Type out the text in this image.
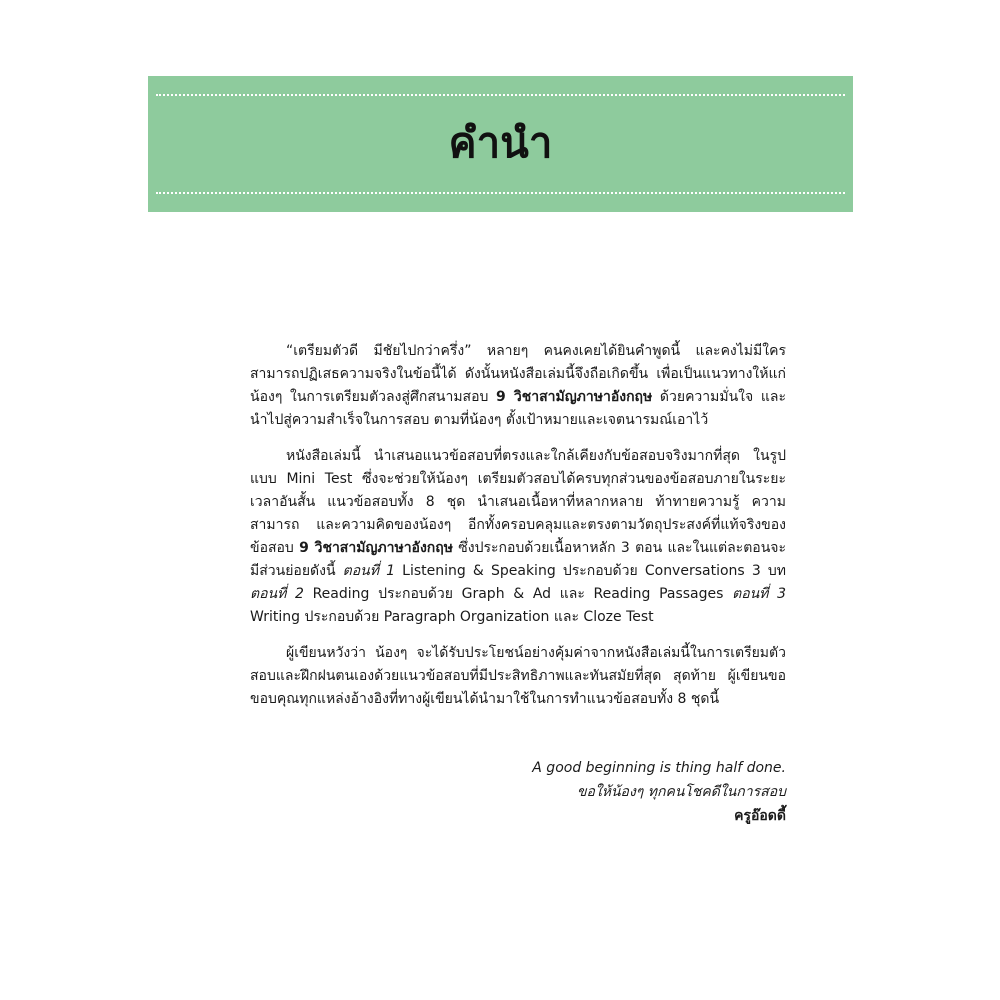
คำนำ

“เตรียมตัวดี มีชัยไปกว่าครึ่ง” หลายๆ คนคงเคยได้ยินคำพูดนี้ และคงไม่มีใครสามารถปฏิเสธความจริงในข้อนี้ได้ ดังนั้นหนังสือเล่มนี้จึงถือเกิดขึ้น เพื่อเป็นแนวทางให้แก่น้องๆ ในการเตรียมตัวลงสู่ศึกสนามสอบ 9 วิชาสามัญภาษาอังกฤษ ด้วยความมั่นใจ และนำไปสู่ความสำเร็จในการสอบ ตามที่น้องๆ ตั้งเป้าหมายและเจตนารมณ์เอาไว้

หนังสือเล่มนี้ นำเสนอแนวข้อสอบที่ตรงและใกล้เคียงกับข้อสอบจริงมากที่สุด ในรูปแบบ Mini Test ซึ่งจะช่วยให้น้องๆ เตรียมตัวสอบได้ครบทุกส่วนของข้อสอบภายในระยะเวลาอันสั้น แนวข้อสอบทั้ง 8 ชุด นำเสนอเนื้อหาที่หลากหลาย ท้าทายความรู้ ความสามารถ และความคิดของน้องๆ อีกทั้งครอบคลุมและตรงตามวัตถุประสงค์ที่แท้จริงของข้อสอบ 9 วิชาสามัญภาษาอังกฤษ ซึ่งประกอบด้วยเนื้อหาหลัก 3 ตอน และในแต่ละตอนจะมีส่วนย่อยดังนี้ ตอนที่ 1 Listening & Speaking ประกอบด้วย Conversations 3 บท ตอนที่ 2 Reading ประกอบด้วย Graph & Ad และ Reading Passages ตอนที่ 3 Writing ประกอบด้วย Paragraph Organization และ Cloze Test

ผู้เขียนหวังว่า น้องๆ จะได้รับประโยชน์อย่างคุ้มค่าจากหนังสือเล่มนี้ในการเตรียมตัวสอบและฝึกฝนตนเองด้วยแนวข้อสอบที่มีประสิทธิภาพและทันสมัยที่สุด สุดท้าย ผู้เขียนขอขอบคุณทุกแหล่งอ้างอิงที่ทางผู้เขียนได้นำมาใช้ในการทำแนวข้อสอบทั้ง 8 ชุดนี้

A good beginning is thing half done.
ขอให้น้องๆ ทุกคนโชคดีในการสอบ
ครูอ๊อดดี้
